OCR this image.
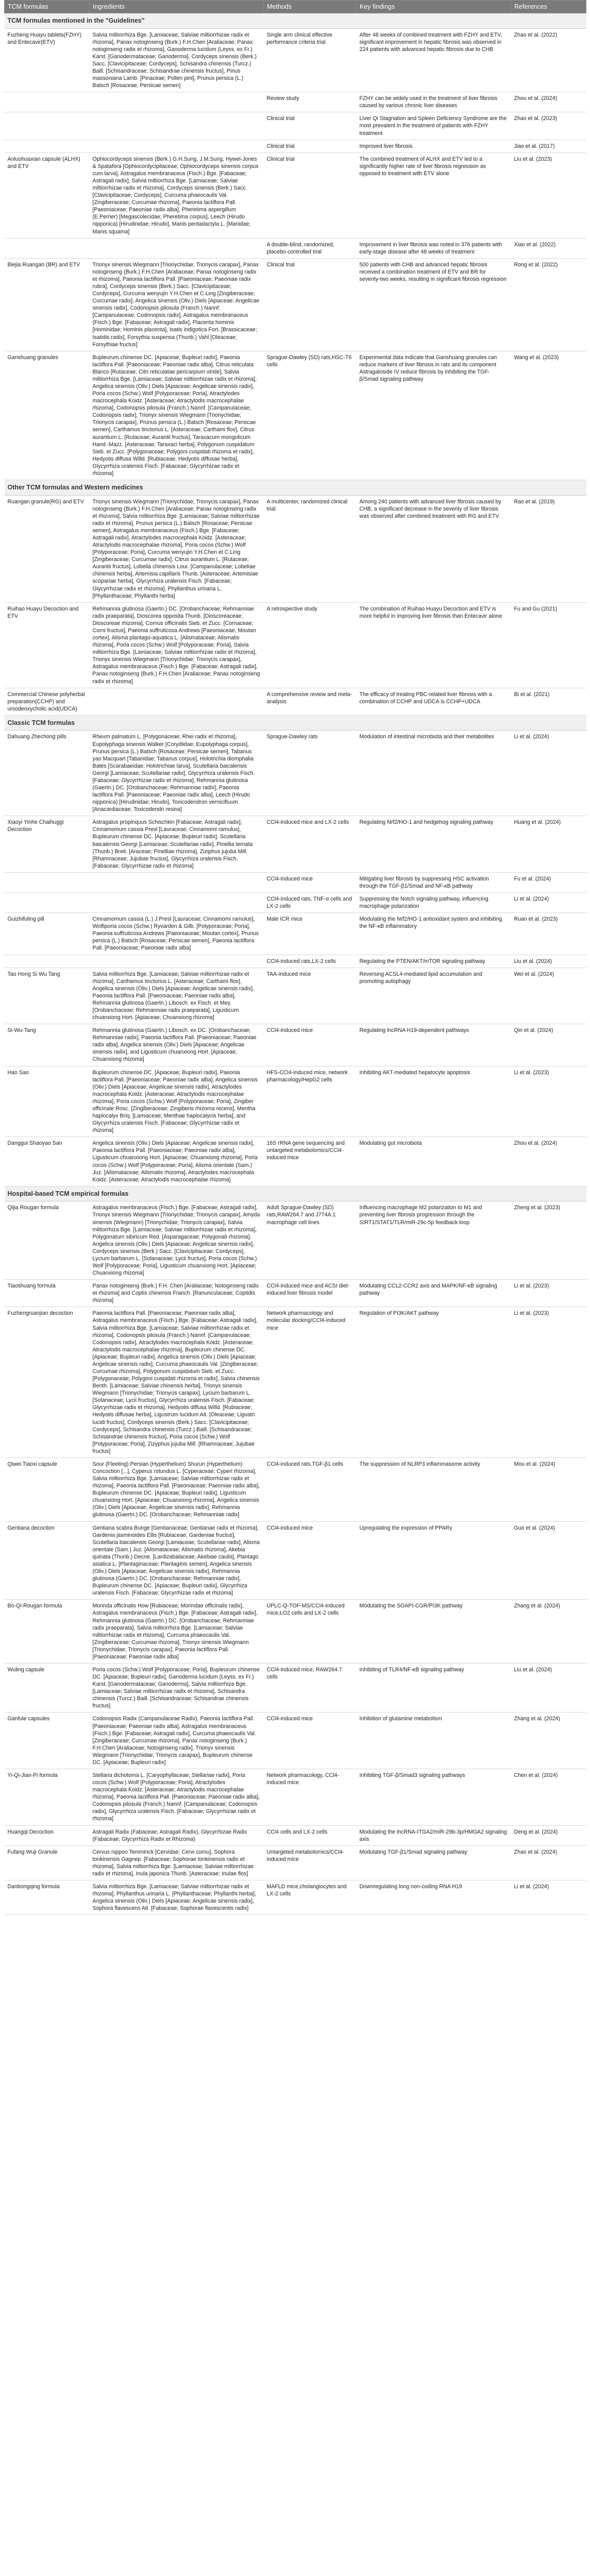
TCM formulas	Ingredients	Methods	Key findings	References
TCM formulas mentioned in the "Guidelines"				
Fuzheng Huayu tablets(FZHY) and Entecavir(ETV)	Salvia miltiorrhiza Bge. [Lamiaceae; Salviae miltiorrhizae radix et rhizoma], Panax notoginseng (Burk.) F.H.Chen [Araliaceae; Panax notoginseng radix et rhizoma], Ganoderma lucidum (Leyss. ex Fr.) Karst. [Ganodermataceae; Ganoderma], Cordyceps sinensis (Berk.) Sacc. [Clavicipitaceae; Cordyceps], Schisandra chinensis (Turcz.) Baill. [Schisandraceae; Schisandrae chinensis fructus], Pinus massoniana Lamb. [Pinaceae; Pollen pini], Prunus persica (L.) Batsch [Rosaceae; Persicae semen]	Single arm clinical effective performance criteria trial	After 48 weeks of combined treatment with FZHY and ETV, significant improvement in hepatic fibrosis was observed in 224 patients with advanced hepatic fibrosis due to CHB	Zhao et al. (2022)
		Review study	FZHY can be widely used in the treatment of liver fibrosis caused by various chronic liver diseases	Zhou et al. (2024)
		Clinical trial	Liver Qi Stagnation and Spleen Deficiency Syndrome are the most prevalent in the treatment of patients with FZHY treatment	Zhao et al. (2023)
		Clinical trial	Improved liver fibrosis	Jiao et al. (2017)
Anluohuaxian capsule (ALHX) and ETV	Ophiocordyceps sinensis (Berk.) G.H.Sung, J.M.Sung, Hywel-Jones & Spatafora [Ophiocordycipitaceae; Ophiocordyceps sinensis corpus cum larva], Astragalus membranaceus (Fisch.) Bge. [Fabaceae; Astragali radix], Salvia miltiorrhiza Bge. [Lamiaceae; Salviae miltiorrhizae radix et rhizoma], Cordyceps sinensis (Berk.) Sacc. [Clavicipitaceae; Cordyceps], Curcuma phaeocaulis Val. [Zingiberaceae; Curcumae rhizoma], Paeonia lactiflora Pall. [Paeoniaceae; Paeoniae radix alba], Pheretima aspergillum (E.Perrier) [Megascolecidae; Pheretima corpus], Leech (Hirudo nipponica) [Hirudinidae; Hirudo], Manis pentadactyla L. [Manidae; Manis squama]	Clinical trial	The combined treatment of ALHX and ETV led to a significantly higher rate of liver fibrosis regression as opposed to treatment with ETV alone	Liu et al. (2023)
		A double-blind, randomized, placebo-controlled trial	Improvement in liver fibrosis was noted in 376 patients with early-stage disease after 48 weeks of treatment	Xiao et al. (2022)
Biejia Ruangan (BR) and ETV	Trionyx sinensis Wiegmann [Trionychidae; Trionycis carapax], Panax notoginseng (Burk.) F.H.Chen [Araliaceae; Panax notoginseng radix et rhizoma], Paeonia lactiflora Pall. [Paeoniaceae; Paeoniae radix rubra], Cordyceps sinensis (Berk.) Sacc. [Clavicipitaceae; Cordyceps], Curcuma wenyujin Y.H.Chen et C.Ling [Zingiberaceae; Curcumae radix], Angelica sinensis (Oliv.) Diels [Apiaceae; Angelicae sinensis radix], Codonopsis pilosula (Franch.) Nannf. [Campanulaceae; Codonopsis radix], Astragalus membranaceus (Fisch.) Bge. [Fabaceae; Astragali radix], Placenta hominis [Hominidae; Hominis placenta], Isatis indigotica Fort. [Brassicaceae; Isatidis radix], Forsythia suspensa (Thunb.) Vahl [Oleaceae; Forsythiae fructus]	Clinical trial	500 patients with CHB and advanced hepatic fibrosis received a combination treatment of ETV and BR for seventy-two weeks, resulting in significant fibrosis regression	Rong et al. (2022)
Ganshuang granules	Bupleurum chinense DC. [Apiaceae; Bupleuri radix], Paeonia lactiflora Pall. [Paeoniaceae; Paeoniae radix alba], Citrus reticulata Blanco [Rutaceae; Citri reticulatae pericarpium viride], Salvia miltiorrhiza Bge. [Lamiaceae; Salviae miltiorrhizae radix et rhizoma], Angelica sinensis (Oliv.) Diels [Apiaceae; Angelicae sinensis radix], Poria cocos (Schw.) Wolf [Polyporaceae; Poria], Atractylodes macrocephala Koidz. [Asteraceae; Atractylodis macrocephalae rhizoma], Codonopsis pilosula (Franch.) Nannf. [Campanulaceae; Codonopsis radix], Trionyx sinensis Wiegmann [Trionychidae; Trionycis carapax], Prunus persica (L.) Batsch [Rosaceae; Persicae semen], Carthamus tinctorius L. [Asteraceae; Carthami flos], Citrus aurantium L. [Rutaceae; Aurantii fructus], Taraxacum mongolicum Hand.-Mazz. [Asteraceae; Taraxaci herba], Polygonum cuspidatum Sieb. et Zucc. [Polygonaceae; Polygoni cuspidati rhizoma et radix], Hedyotis diffusa Willd. [Rubiaceae; Hedyotis diffusae herba], Glycyrrhiza uralensis Fisch. [Fabaceae; Glycyrrhizae radix et rhizoma]	Sprague-Dawley (SD) rats,HSC-T6 cells	Experimental data indicate that Ganshuang granules can reduce markers of liver fibrosis in rats and its component Astragaloside IV reduce fibrosis by inhibiting the TGF-β/Smad signaling pathway	Wang et al. (2023)
Other TCM formulas and Western medicines				
Ruangan granule(RG) and ETV	Trionyx sinensis Wiegmann [Trionychidae; Trionycis carapax], Panax notoginseng (Burk.) F.H.Chen [Araliaceae; Panax notoginseng radix et rhizoma], Salvia miltiorrhiza Bge. [Lamiaceae; Salviae miltiorrhizae radix et rhizoma], Prunus persica (L.) Batsch [Rosaceae; Persicae semen], Astragalus membranaceus (Fisch.) Bge. [Fabaceae; Astragali radix], Atractylodes macrocephala Koidz. [Asteraceae; Atractylodis macrocephalae rhizoma], Poria cocos (Schw.) Wolf [Polyporaceae; Poria], Curcuma wenyujin Y.H.Chen et C.Ling [Zingiberaceae; Curcumae radix], Citrus aurantium L. [Rutaceae; Aurantii fructus], Lobelia chinensis Lour. [Campanulaceae; Lobeliae chinensis herba], Artemisia capillaris Thunb. [Asteraceae; Artemisiae scopariae herba], Glycyrrhiza uralensis Fisch. [Fabaceae; Glycyrrhizae radix et rhizoma], Phyllanthus urinaria L. [Phyllanthaceae; Phyllanthi herba]	A multicenter, randomized clinical trial	Among 240 patients with advanced liver fibrosis caused by CHB, a significant decrease in the severity of liver fibrosis was observed after combined treatment with RG and ETV	Rao et al. (2019)
Ruihao Huayu Decoction and ETV	Rehmannia glutinosa (Gaertn.) DC. [Orobanchaceae; Rehmanniae radix praeparata], Dioscorea opposita Thunb. [Dioscoreaceae; Dioscoreae rhizoma], Cornus officinalis Sieb. et Zucc. [Cornaceae; Corni fructus], Paeonia suffruticosa Andrews [Paeoniaceae; Moutan cortex], Alisma plantago-aquatica L. [Alismataceae; Alismatis rhizoma], Poria cocos (Schw.) Wolf [Polyporaceae; Poria], Salvia miltiorrhiza Bge. [Lamiaceae; Salviae miltiorrhizae radix et rhizoma], Trionyx sinensis Wiegmann [Trionychidae; Trionycis carapax], Astragalus membranaceus (Fisch.) Bge. [Fabaceae; Astragali radix], Panax notoginseng (Burk.) F.H.Chen [Araliaceae; Panax notoginseng radix et rhizoma]	A retrospective study	The combination of Ruihao Huayu Decoction and ETV is more helpful in improving liver fibrosis than Entecavir alone	Fu and Gu (2021)
Commercial Chinese polyherbal preparation(CCHP) and ursodeoxycholic acid(UDCA)		A comprehensive review and meta-analysis	The efficacy of treating PBC-related liver fibrosis with a combination of CCHP and UDCA is CCHP+UDCA	Bi et al. (2021)
Classic TCM formulas				
Dahuang Zhechong pills	Rheum palmatum L. [Polygonaceae; Rhei radix et rhizoma], Eupolyphaga sinensis Walker [Corydiidae; Eupolyphaga corpus], Prunus persica (L.) Batsch [Rosaceae; Persicae semen], Tabanus yao Macquart [Tabanidae; Tabanus corpus], Holotrichia diomphalia Bates [Scarabaeidae; Holotrichiae larva], Scutellaria baicalensis Georgi [Lamiaceae; Scutellariae radix], Glycyrrhiza uralensis Fisch. [Fabaceae; Glycyrrhizae radix et rhizoma], Rehmannia glutinosa (Gaertn.) DC. [Orobanchaceae; Rehmanniae radix], Paeonia lactiflora Pall. [Paeoniaceae; Paeoniae radix alba], Leech (Hirudo nipponica) [Hirudinidae; Hirudo], Toxicodendron vernicifluum [Anacardiaceae; Toxicodendri resina]	Sprague-Dawley rats	Modulation of intestinal microbiota and their metabolites	Li et al. (2024)
Xiaoyi Yinhe Chaihuggi Decoction	Astragalus propinquus Schischkin [Fabaceae; Astragali radix], Cinnamomum cassia Presl [Lauraceae; Cinnamomi ramulus], Bupleurum chinense DC. [Apiaceae; Bupleuri radix], Scutellaria baicalensis Georgi [Lamiaceae; Scutellariae radix], Pinellia ternata (Thunb.) Breit. [Araceae; Pinelliae rhizoma], Ziziphus jujuba Mill. [Rhamnaceae; Jujubae fructus], Glycyrrhiza uralensis Fisch. [Fabaceae; Glycyrrhizae radix et rhizoma]	CCl4-induced mice and LX-2 cells	Regulating Nrf2/HO-1 and hedgehog signaling pathway	Huang et al. (2024)
		CCl4-induced mice	Mitigating liver fibrosis by suppressing HSC activation through the TGF-β1/Smad and NF-κB pathway	Fu et al. (2024)
		CCl4-induced rats, TNF-α cells and LX-2 cells	Suppressing the Notch signaling pathway, influencing macrophage polarization	Li et al. (2024)
Guizhifuling pill	Cinnamomum cassia (L.) J.Presl [Lauraceae; Cinnamomi ramulus], Wolfiporia cocos (Schw.) Ryvarden & Gilb. [Polyporaceae; Poria], Paeonia suffruticosa Andrews [Paeoniaceae; Moutan cortex], Prunus persica (L.) Batsch [Rosaceae; Persicae semen], Paeonia lactiflora Pall. [Paeoniaceae; Paeoniae radix alba]	Male ICR mice	Modulating the Nrf2/HO-1 antioxidant system and inhibiting the NF-κB inflammatory	Ruan et al. (2023)
		CCl4-induced rats,LX-2 cells	Regulating the PTEN/AKT/mTOR signaling pathway	Liu et al. (2024)
Tao Hong Si Wu Tang	Salvia miltiorrhiza Bge. [Lamiaceae; Salviae miltiorrhizae radix et rhizoma], Carthamus tinctorius L. [Asteraceae; Carthami flos], Angelica sinensis (Oliv.) Diels [Apiaceae; Angelicae sinensis radix], Paeonia lactiflora Pall. [Paeoniaceae; Paeoniae radix alba], Rehmannia glutinosa (Gaertn.) Libosch. ex Fisch. et Mey. [Orobanchaceae; Rehmanniae radix praeparata], Ligusticum chuanxiong Hort. [Apiaceae; Chuanxiong rhizoma]	TAA-induced mice	Reversing ACSL4-mediated lipid accumulation and promoting autophagy	Wei et al. (2024)
Si-Wu-Tang	Rehmannia glutinosa (Gaertn.) Libosch. ex DC. [Orobanchaceae; Rehmanniae radix], Paeonia lactiflora Pall. [Paeoniaceae; Paeoniae radix alba], Angelica sinensis (Oliv.) Diels [Apiaceae; Angelicae sinensis radix], and Ligusticum chuanxiong Hort. [Apiaceae; Chuanxiong rhizoma]	CCl4-induced mice	Regulating lncRNA H19-dependent pathways	Qin et al. (2024)
Hao Sao	Bupleurum chinense DC. [Apiaceae; Bupleuri radix], Paeonia lactiflora Pall. [Paeoniaceae; Paeoniae radix alba], Angelica sinensis (Oliv.) Diels [Apiaceae; Angelicae sinensis radix], Atractylodes macrocephala Koidz. [Asteraceae; Atractylodis macrocephalae rhizoma], Poria cocos (Schw.) Wolf [Polyporaceae; Poria], Zingiber officinale Rosc. [Zingiberaceae; Zingiberis rhizoma recens], Mentha haplocalyx Briq. [Lamiaceae; Menthae haplocalycis herba], and Glycyrrhiza uralensis Fisch. [Fabaceae; Glycyrrhizae radix et rhizoma]	HFS-CCl4-induced mice, network pharmacology/HepG2 cells	Inhibiting AKT-mediated hepatocyte apoptosis	Li et al. (2023)
Danggui Shaoyao San	Angelica sinensis (Oliv.) Diels [Apiaceae; Angelicae sinensis radix], Paeonia lactiflora Pall. [Paeoniaceae; Paeoniae radix alba], Ligusticum chuanxiong Hort. [Apiaceae; Chuanxiong rhizoma], Poria cocos (Schw.) Wolf [Polyporaceae; Poria], Alisma orientale (Sam.) Juz. [Alismataceae; Alismatis rhizoma], Atractylodes macrocephala Koidz. [Asteraceae; Atractylodis macrocephalae rhizoma]	16S rRNA gene sequencing and untargeted metabolomics/CCl4-induced mice	Modulating gut microbiota	Zhou et al. (2024)
Hospital-based TCM empirical formulas				
Qijia Rougan formula	Astragalus membranaceus (Fisch.) Bge. [Fabaceae; Astragali radix], Trionyx sinensis Wiegmann [Trionychidae; Trionycis carapax], Amyda sinensis (Wiegmann) [Trionychidae; Trionycis carapax], Salvia miltiorrhiza Bge. [Lamiaceae; Salviae miltiorrhizae radix et rhizoma], Polygonatum sibiricum Red. [Asparagaceae; Polygonati rhizoma], Angelica sinensis (Oliv.) Diels [Apiaceae; Angelicae sinensis radix], Cordyceps sinensis (Berk.) Sacc. [Clavicipitaceae; Cordyceps], Lycium barbarum L. [Solanaceae; Lycii fructus], Poria cocos (Schw.) Wolf [Polyporaceae; Poria], Ligusticum chuanxiong Hort. [Apiaceae; Chuanxiong rhizoma]	Adult Sprague-Dawley (SD) rats,RAW264.7 and J774A.1 macrophage cell lines	Influencing macrophage M2 polarization to M1 and preventing liver fibrosis progression through the SIRT1/STAT1/TLR/miR-29c-5p feedback loop	Zheng et al. (2023)
Tiaoshuang formula	Panax notoginseng (Burk.) F.H. Chen [Araliaceae; Notoginseng radix et rhizoma] and Coptis chinensis Franch. [Ranunculaceae; Coptidis rhizoma]	CCl4-induced mice and ACSI diet-induced liver fibrosis model	Modulating CCL2-CCR2 axis and MAPK/NF-κB signaling pathway	Li et al. (2023)
Fuzhengruanjian decoction	Paeonia lactiflora Pall. [Paeoniaceae; Paeoniae radix alba], Astragalus membranaceus (Fisch.) Bge. [Fabaceae; Astragali radix], Salvia miltiorrhiza Bge. [Lamiaceae; Salviae miltiorrhizae radix et rhizoma], Codonopsis pilosula (Franch.) Nannf. [Campanulaceae; Codonopsis radix], Atractylodes macrocephala Koidz. [Asteraceae; Atractylodis macrocephalae rhizoma], Bupleurum chinense DC. [Apiaceae; Bupleuri radix], Angelica sinensis (Oliv.) Diels [Apiaceae; Angelicae sinensis radix], Curcuma phaeocaulis Val. [Zingiberaceae; Curcumae rhizoma], Polygonum cuspidatum Sieb. et Zucc. [Polygonaceae; Polygoni cuspidati rhizoma et radix], Salvia chinensis Benth. [Lamiaceae; Salviae chinensis herba], Trionyx sinensis Wiegmann [Trionychidae; Trionycis carapax], Lycium barbarum L. [Solanaceae; Lycii fructus], Glycyrrhiza uralensis Fisch. [Fabaceae; Glycyrrhizae radix et rhizoma], Hedyotis diffusa Willd. [Rubiaceae; Hedyotis diffusae herba], Ligustrum lucidum Ait. [Oleaceae; Ligustri lucidi fructus], Cordyceps sinensis (Berk.) Sacc. [Clavicipitaceae; Cordyceps], Schisandra chinensis (Turcz.) Baill. [Schisandraceae; Schisandrae chinensis fructus], Poria cocos (Schw.) Wolf [Polyporaceae; Poria], Zizyphus jujuba Mill. [Rhamnaceae; Jujubae fructus]	Network pharmacology and molecular docking/CCl4-induced mice	Regulation of PI3K/AKT pathway	Li et al. (2023)
Qiwei Tiaoxi capsule	Sour (Fleeting) Persian (Hyperthelium) Shurun (Hyperthelium) Concoction [...], Cyperus rotundus L. [Cyperaceae; Cyperi rhizoma], Salvia miltiorrhiza Bge. [Lamiaceae; Salviae miltiorrhizae radix et rhizoma], Paeonia lactiflora Pall. [Paeoniaceae; Paeoniae radix alba], Bupleurum chinense DC. [Apiaceae; Bupleuri radix], Ligusticum chuanxiong Hort. [Apiaceae; Chuanxiong rhizoma], Angelica sinensis (Oliv.) Diels [Apiaceae; Angelicae sinensis radix], Rehmannia glutinosa (Gaertn.) DC. [Orobanchaceae; Rehmanniae radix]	CCl4-induced rats,TGF-β1 cells	The suppression of NLRP3 inflammasome activity	Mou et al. (2024)
Gentiana decoction	Gentiana scabra Bunge [Gentianaceae; Gentianae radix et rhizoma], Gardenia jasminoides Ellis [Rubiaceae; Gardeniae fructus], Scutellaria baicalensis Georgi [Lamiaceae; Scutellariae radix], Alisma orientale (Sam.) Juz. [Alismataceae; Alismatis rhizoma], Akebia quinata (Thunb.) Decne. [Lardizabalaceae; Akebiae caulis], Plantago asiatica L. [Plantaginaceae; Plantaginis semen], Angelica sinensis (Oliv.) Diels [Apiaceae; Angelicae sinensis radix], Rehmannia glutinosa (Gaertn.) DC. [Orobanchaceae; Rehmanniae radix], Bupleurum chinense DC. [Apiaceae; Bupleuri radix], Glycyrrhiza uralensis Fisch. [Fabaceae; Glycyrrhizae radix et rhizoma]	CCl4-induced mice	Upregulating the expression of PPARγ	Guo et al. (2024)
Bo-Qi-Rougan formula	Morinda officinalis How [Rubiaceae; Morindae officinalis radix], Astragalus membranaceus (Fisch.) Bge. [Fabaceae; Astragali radix], Rehmannia glutinosa (Gaertn.) DC. [Orobanchaceae; Rehmanniae radix praeparata], Salvia miltiorrhiza Bge. [Lamiaceae; Salviae miltiorrhizae radix et rhizoma], Curcuma phaeocaulis Val. [Zingiberaceae; Curcumae rhizoma], Trionyx sinensis Wiegmann [Trionychidae; Trionycis carapax], Paeonia lactiflora Pall. [Paeoniaceae; Paeoniae radix alba]	UPLC-Q-TOF-MS/CCl4-induced mice,LO2 cells and LX-2 cells	Modulating the SOAPI-CGR/PI3K pathway	Zhang et al. (2024)
Wuling capsule	Poria cocos (Schw.) Wolf [Polyporaceae; Poria], Bupleurum chinense DC. [Apiaceae; Bupleuri radix], Ganoderma lucidum (Leyss. ex Fr.) Karst. [Ganodermataceae; Ganoderma], Salvia miltiorrhiza Bge. [Lamiaceae; Salviae miltiorrhizae radix et rhizoma], Schisandra chinensis (Turcz.) Baill. [Schisandraceae; Schisandrae chinensis fructus]	CCl4-induced mice, RAW264.7 cells	Inhibiting of TLR4/NF-κB signaling pathway	Liu et al. (2024)
Ganfule capsules	Codonopsis Radix (Campanulaceae Radix), Paeonia lactiflora Pall. [Paeoniaceae; Paeoniae radix alba], Astragalus membranaceus (Fisch.) Bge. [Fabaceae; Astragali radix], Curcuma phaeocaulis Val. [Zingiberaceae; Curcumae rhizoma], Panax notoginseng (Burk.) F.H.Chen [Araliaceae; Notoginseng radix], Trionyx sinensis Wiegmann [Trionychidae; Trionycis carapax], Bupleurum chinense DC. [Apiaceae; Bupleuri radix]	CCl4-induced mice	Inhibition of glutamine metabolism	Zhang et al. (2024)
Yi-Qi-Jian-Pi formula	Stellaria dichotoma L. [Caryophyllaceae; Stellariae radix], Poria cocos (Schw.) Wolf [Polyporaceae; Poria], Atractylodes macrocephala Koidz. [Asteraceae; Atractylodis macrocephalae rhizoma], Paeonia lactiflora Pall. [Paeoniaceae; Paeoniae radix alba], Codonopsis pilosula (Franch.) Nannf. [Campanulaceae; Codonopsis radix], Glycyrrhiza uralensis Fisch. [Fabaceae; Glycyrrhizae radix et rhizoma]	Network pharmacology, CCl4-induced mice	Inhibiting TGF-β/Smad3 signaling pathways	Chen et al. (2024)
Huangqi Decoction	Astragali Radix (Fabaceae; Astragali Radix), Glycyrrhizae Radix (Fabaceae; Glycyrrhiza Radix et Rhizoma)	CCl4 cells and LX-2 cells	Modulating the lncRNA-ITGA2/miR-29b-3p/HMGA2 signaling axis	Deng et al. (2024)
Fufang Wuji Granule	Cervus nippon Temminck [Cervidae; Cervi cornu], Sophora tonkinensis Gagnep. [Fabaceae; Sophorae tonkinensis radix et rhizoma], Salvia miltiorrhiza Bge. [Lamiaceae; Salviae miltiorrhizae radix et rhizoma], Inula japonica Thunb. [Asteraceae; Inulae flos]	Untargeted metabolomics/CCl4-induced mice	Modulating TGF-β1/Smad signaling pathway	Zhao et al. (2024)
Danbongqing formula	Salvia miltiorrhiza Bge. [Lamiaceae; Salviae miltiorrhizae radix et rhizoma], Phyllanthus urinaria L. [Phyllanthaceae; Phyllanthi herba], Angelica sinensis (Oliv.) Diels [Apiaceae; Angelicae sinensis radix], Sophora flavescens Ait. [Fabaceae; Sophorae flavescentis radix]	MAFLD mice,cholangiocytes and LX-2 cells	Downregulating long non-coding RNA H19	Li et al. (2024)
